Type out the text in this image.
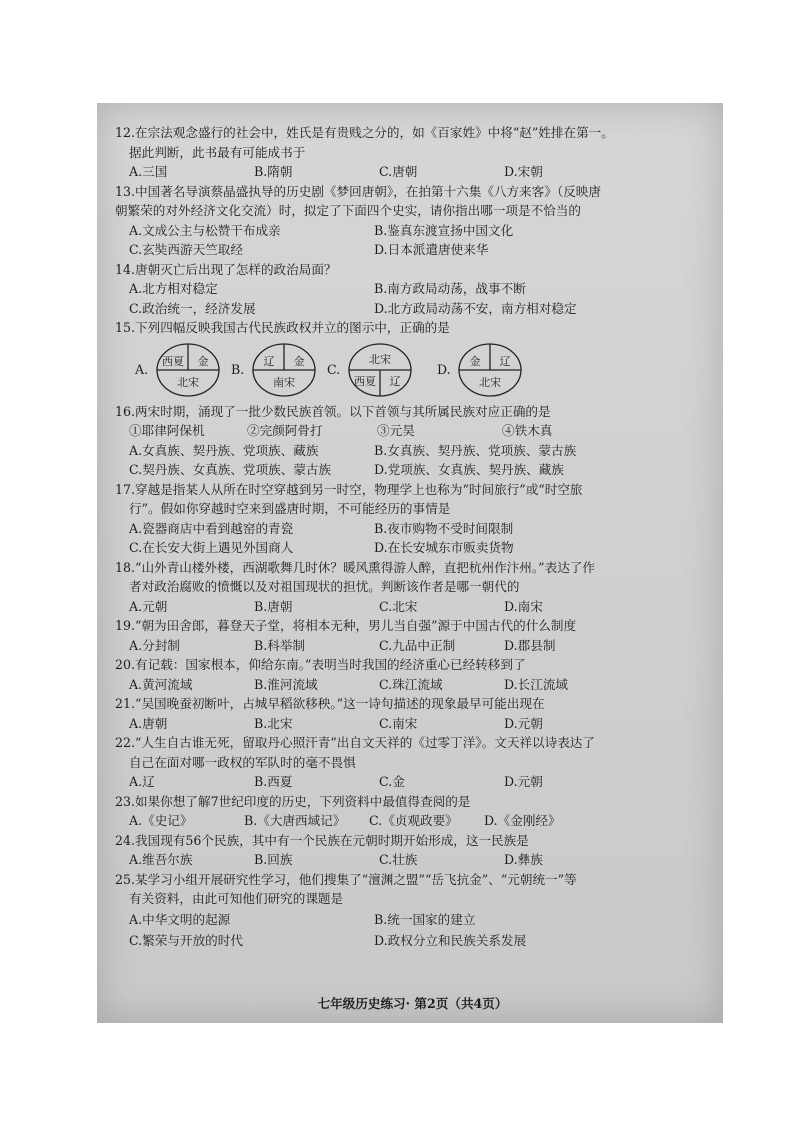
12.在宗法观念盛行的社会中，姓氏是有贵贱之分的，如《百家姓》中将“赵”姓排在第一。

据此判断，此书最有可能成书于

A.三国	B.隋朝	C.唐朝	D.宋朝

13.中国著名导演蔡晶盛执导的历史剧《梦回唐朝》，在拍第十六集《八方来客》（反映唐

朝繁荣的对外经济文化交流）时，拟定了下面四个史实，请你指出哪一项是不恰当的

A.文成公主与松赞干布成亲	B.鉴真东渡宣扬中国文化
C.玄奘西游天竺取经	D.日本派遣唐使来华

14.唐朝灭亡后出现了怎样的政治局面？

A.北方相对稳定	B.南方政局动荡，战事不断
C.政治统一，经济发展	D.北方政局动荡不安，南方相对稳定

15.下列四幅反映我国古代民族政权并立的图示中，正确的是

A.
西夏 金
北宋
B.
辽 金
南宋
C.
北宋
西夏 辽
D.
金 辽
北宋

16.两宋时期，涌现了一批少数民族首领。以下首领与其所属民族对应正确的是

①耶律阿保机	②完颜阿骨打	③元昊	④铁木真
A.女真族、契丹族、党项族、藏族	B.女真族、契丹族、党项族、蒙古族
C.契丹族、女真族、党项族、蒙古族	D.党项族、女真族、契丹族、藏族

17.穿越是指某人从所在时空穿越到另一时空，物理学上也称为“时间旅行”或“时空旅

行”。假如你穿越时空来到盛唐时期，不可能经历的事情是

A.瓷器商店中看到越窑的青瓷	B.夜市购物不受时间限制
C.在长安大街上遇见外国商人	D.在长安城东市贩卖货物

18.“山外青山楼外楼，西湖歌舞几时休？暖风熏得游人醉，直把杭州作汴州。”表达了作

者对政治腐败的愤慨以及对祖国现状的担忧。判断该作者是哪一朝代的

A.元朝	B.唐朝	C.北宋	D.南宋

19.“朝为田舍郎，暮登天子堂，将相本无种，男儿当自强”源于中国古代的什么制度

A.分封制	B.科举制	C.九品中正制	D.郡县制

20.有记载：国家根本，仰给东南。”表明当时我国的经济重心已经转移到了

A.黄河流域	B.淮河流域	C.珠江流域	D.长江流域

21.“吴国晚蚕初断叶，占城早稻欲移秧。”这一诗句描述的现象最早可能出现在

A.唐朝	B.北宋	C.南宋	D.元朝

22.“人生自古谁无死，留取丹心照汗青”出自文天祥的《过零丁洋》。文天祥以诗表达了

自己在面对哪一政权的军队时的毫不畏惧

A.辽	B.西夏	C.金	D.元朝

23.如果你想了解7世纪印度的历史，下列资料中最值得查阅的是

A.《史记》	B.《大唐西域记》	C.《贞观政要》	D.《金刚经》

24.我国现有56个民族，其中有一个民族在元朝时期开始形成，这一民族是

A.维吾尔族	B.回族	C.壮族	D.彝族

25.某学习小组开展研究性学习，他们搜集了“澶渊之盟”“岳飞抗金”、“元朝统一”等

有关资料，由此可知他们研究的课题是

A.中华文明的起源	B.统一国家的建立
C.繁荣与开放的时代	D.政权分立和民族关系发展
七年级历史练习· 第2页（共4页）
